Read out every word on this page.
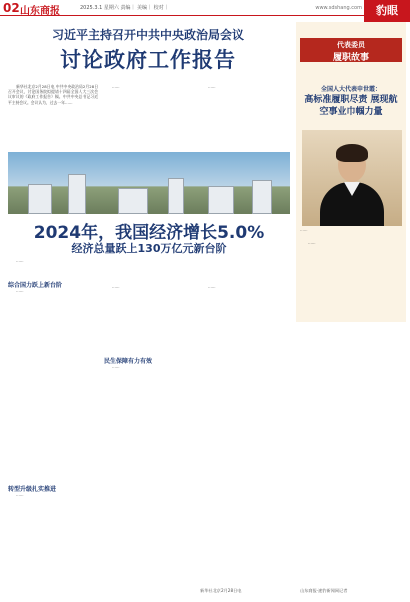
02 山东商报	2025.3.1 星期六 责编｜ 美编｜ 校对｜	www.sdshang.com	豹眼
习近平主持召开中共中央政治局会议
讨论政府工作报告

新华社北京2月28日电 中共中央政治局2月28日召开会议，讨论国务院拟提请十四届全国人大三次会议审议的《政府工作报告》稿。中共中央总书记习近平主持会议。会议认为，过去一年……

……	……

代表委员
履职故事
全国人大代表申世霞：
高标准履职尽责 展现航空事业巾帼力量
……

……

山东商报·速豹新闻网记者
2024年，我国经济增长5.0%
经济总量跃上130万亿元新台阶

……

综合国力跃上新台阶

……

转型升级扎实推进

……

……

民生保障有力有效

……

……

新华社北京2月28日电
